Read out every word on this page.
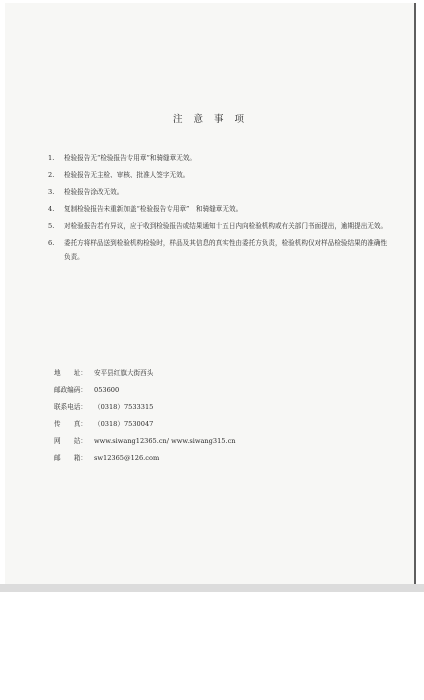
注 意 事 项
1.	检验报告无“检验报告专用章”和骑缝章无效。
2.	检验报告无主检、审核、批准人签字无效。
3.	检验报告涂改无效。
4.	复制检验报告未重新加盖“检验报告专用章”　和骑缝章无效。
5.	对检验报告若有异议，应于收到检验报告或结果通知十五日内向检验机构或有关部门书面提出，逾期提出无效。
6.	委托方将样品送到检验机构检验时，样品及其信息的真实性由委托方负责，检验机构仅对样品检验结果的准确性负责。
地　　址：	安平县红旗大街西头
邮政编码：	053600
联系电话：	（0318）7533315
传　　真：	（0318）7530047
网　　站：	www.siwang12365.cn/ www.siwang315.cn
邮　　箱：	sw12365@126.com
